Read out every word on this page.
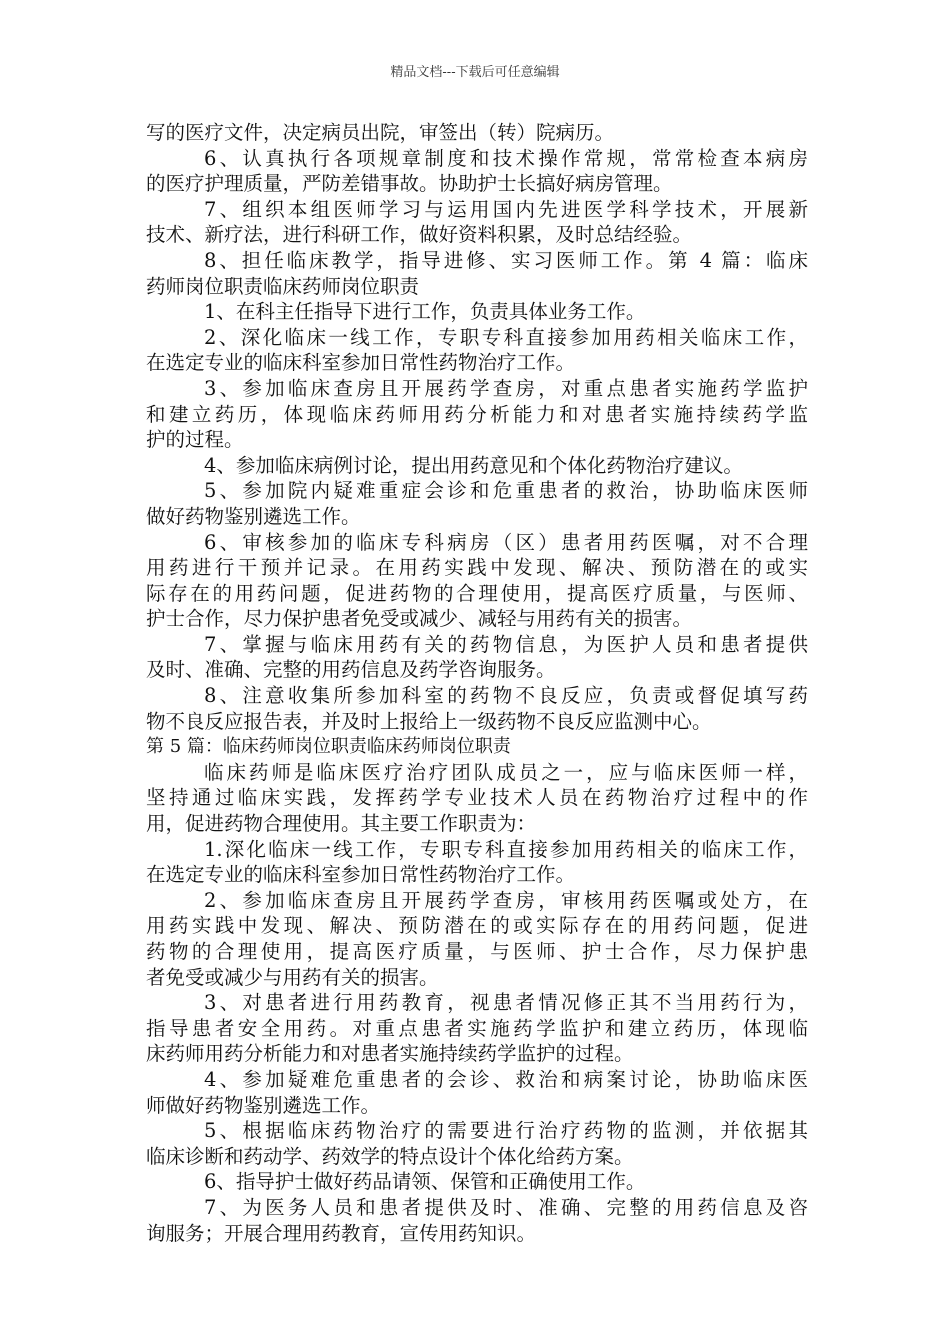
精品文档---下载后可任意编辑
写的医疗文件，决定病员出院，审签出（转）院病历。
6、认真执行各项规章制度和技术操作常规，常常检查本病房
的医疗护理质量，严防差错事故。协助护士长搞好病房管理。
7、组织本组医师学习与运用国内先进医学科学技术，开展新
技术、新疗法，进行科研工作，做好资料积累，及时总结经验。
8、担任临床教学，指导进修、实习医师工作。第 4 篇：临床
药师岗位职责临床药师岗位职责
1、在科主任指导下进行工作，负责具体业务工作。
2、深化临床一线工作，专职专科直接参加用药相关临床工作，
在选定专业的临床科室参加日常性药物治疗工作。
3、参加临床查房且开展药学查房，对重点患者实施药学监护
和建立药历，体现临床药师用药分析能力和对患者实施持续药学监
护的过程。
4、参加临床病例讨论，提出用药意见和个体化药物治疗建议。
5、参加院内疑难重症会诊和危重患者的救治，协助临床医师
做好药物鉴别遴选工作。
6、审核参加的临床专科病房（区）患者用药医嘱，对不合理
用药进行干预并记录。在用药实践中发现、解决、预防潜在的或实
际存在的用药问题，促进药物的合理使用，提高医疗质量，与医师、
护士合作，尽力保护患者免受或减少、减轻与用药有关的损害。
7、掌握与临床用药有关的药物信息，为医护人员和患者提供
及时、准确、完整的用药信息及药学咨询服务。
8、注意收集所参加科室的药物不良反应，负责或督促填写药
物不良反应报告表，并及时上报给上一级药物不良反应监测中心。
第 5 篇：临床药师岗位职责临床药师岗位职责
临床药师是临床医疗治疗团队成员之一，应与临床医师一样，
坚持通过临床实践，发挥药学专业技术人员在药物治疗过程中的作
用，促进药物合理使用。其主要工作职责为：
1.深化临床一线工作，专职专科直接参加用药相关的临床工作，
在选定专业的临床科室参加日常性药物治疗工作。
2、参加临床查房且开展药学查房，审核用药医嘱或处方，在
用药实践中发现、解决、预防潜在的或实际存在的用药问题，促进
药物的合理使用，提高医疗质量，与医师、护士合作，尽力保护患
者免受或减少与用药有关的损害。
3、对患者进行用药教育，视患者情况修正其不当用药行为，
指导患者安全用药。对重点患者实施药学监护和建立药历，体现临
床药师用药分析能力和对患者实施持续药学监护的过程。
4、参加疑难危重患者的会诊、救治和病案讨论，协助临床医
师做好药物鉴别遴选工作。
5、根据临床药物治疗的需要进行治疗药物的监测，并依据其
临床诊断和药动学、药效学的特点设计个体化给药方案。
6、指导护士做好药品请领、保管和正确使用工作。
7、为医务人员和患者提供及时、准确、完整的用药信息及咨
询服务；开展合理用药教育，宣传用药知识。
